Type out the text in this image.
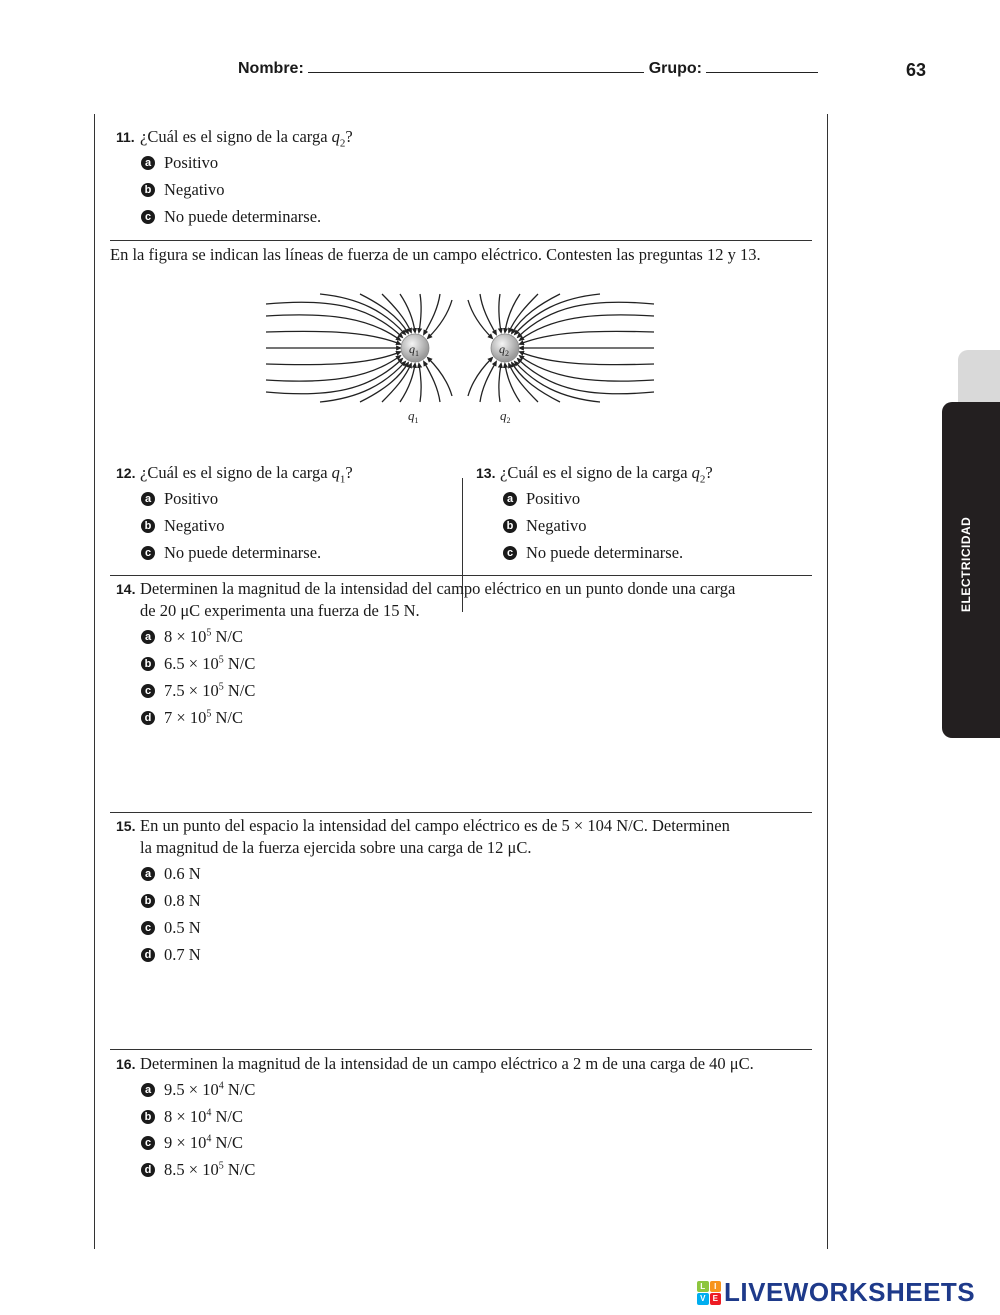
Nombre:	Grupo:	63
11. ¿Cuál es el signo de la carga $q_2$?
a Positivo
b Negativo
c No puede determinarse.
En la figura se indican las líneas de fuerza de un campo eléctrico. Contesten las preguntas 12 y 13.
$q_1$	$q_2$
$q_1$	$q_2$
12. ¿Cuál es el signo de la carga $q_1$?
a Positivo
b Negativo
c No puede determinarse.
13. ¿Cuál es el signo de la carga $q_2$?
a Positivo
b Negativo
c No puede determinarse.
14. Determinen la magnitud de la intensidad del campo eléctrico en un punto donde una carga
de 20 μC experimenta una fuerza de 15 N.
a $8 \times 10^5$ N/C
b $6.5 \times 10^5$ N/C
c $7.5 \times 10^5$ N/C
d $7 \times 10^5$ N/C
15. En un punto del espacio la intensidad del campo eléctrico es de 5 × 104 N/C. Determinen
la magnitud de la fuerza ejercida sobre una carga de 12 μC.
a 0.6 N
b 0.8 N
c 0.5 N
d 0.7 N
16. Determinen la magnitud de la intensidad de un campo eléctrico a 2 m de una carga de 40 μC.
a $9.5 \times 10^4$ N/C
b $8 \times 10^4$ N/C
c $9 \times 10^4$ N/C
d $8.5 \times 10^5$ N/C
ELECTRICIDAD
L	I
V E LIVEWORKSHEETS
